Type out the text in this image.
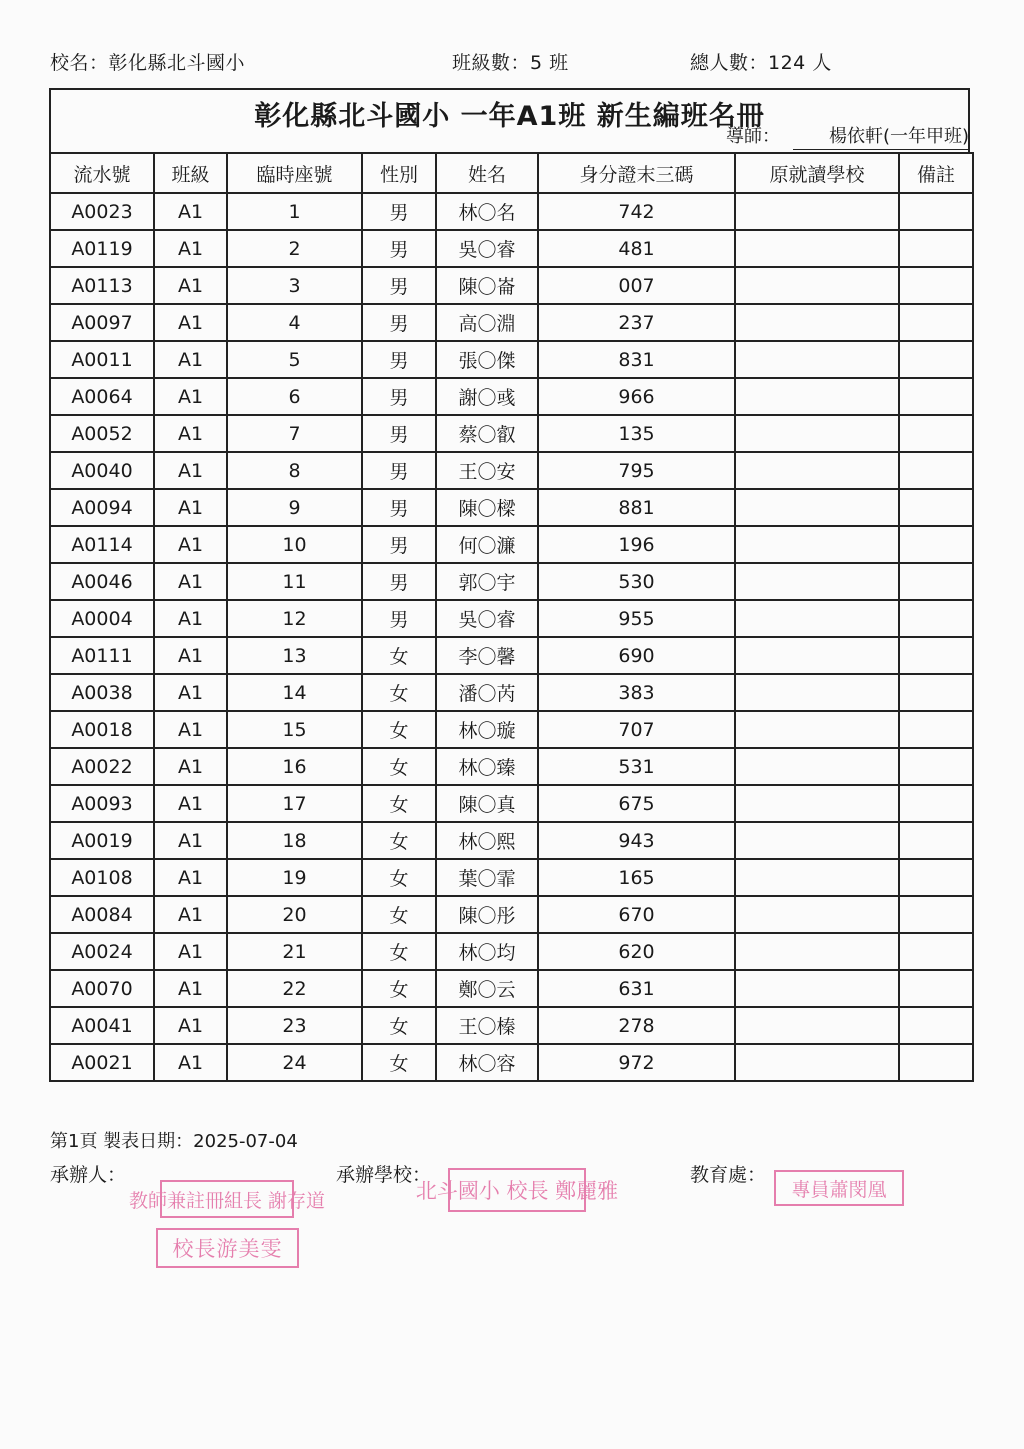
校名：彰化縣北斗國小	班級數：5 班	總人數：124 人
彰化縣北斗國小 一年A1班 新生編班名冊
導師：	楊依軒(一年甲班)
流水號	班級	臨時座號	性別	姓名	身分證末三碼	原就讀學校	備註
A0023	A1	1	男	林〇名	742		
A0119	A1	2	男	吳〇睿	481		
A0113	A1	3	男	陳〇崙	007		
A0097	A1	4	男	高〇淵	237		
A0011	A1	5	男	張〇傑	831		
A0064	A1	6	男	謝〇彧	966		
A0052	A1	7	男	蔡〇叡	135		
A0040	A1	8	男	王〇安	795		
A0094	A1	9	男	陳〇樑	881		
A0114	A1	10	男	何〇濂	196		
A0046	A1	11	男	郭〇宇	530		
A0004	A1	12	男	吳〇睿	955		
A0111	A1	13	女	李〇馨	690		
A0038	A1	14	女	潘〇芮	383		
A0018	A1	15	女	林〇璇	707		
A0022	A1	16	女	林〇臻	531		
A0093	A1	17	女	陳〇真	675		
A0019	A1	18	女	林〇熙	943		
A0108	A1	19	女	葉〇霏	165		
A0084	A1	20	女	陳〇彤	670		
A0024	A1	21	女	林〇均	620		
A0070	A1	22	女	鄭〇云	631		
A0041	A1	23	女	王〇榛	278		
A0021	A1	24	女	林〇容	972		
第1頁 製表日期：2025-07-04
承辦人：	承辦學校：	教育處：
教師兼註冊組長 謝存道
校長游美雯
北斗國小 校長 鄭麗雅	專員蕭閔凰
